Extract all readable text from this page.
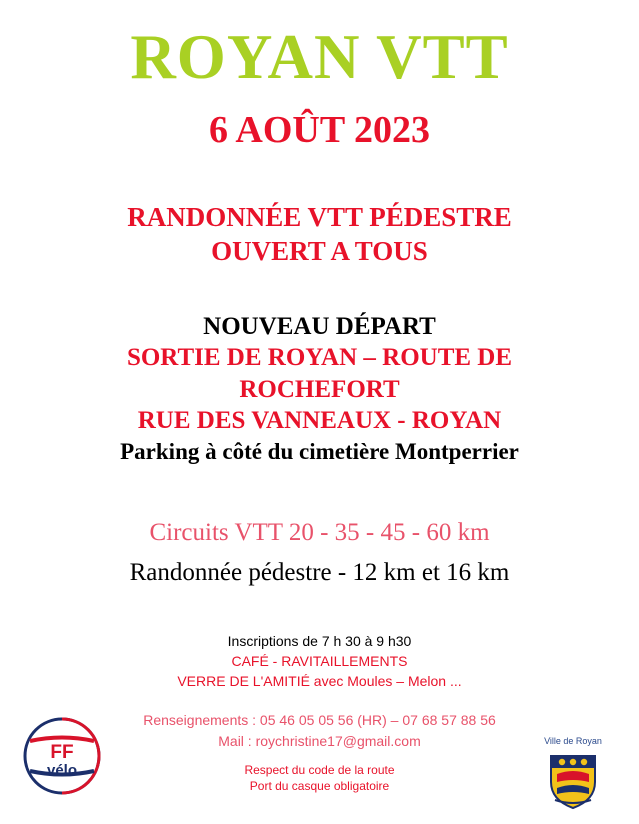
ROYAN VTT
6 AOÛT 2023
RANDONNÉE VTT PÉDESTRE
OUVERT A TOUS
NOUVEAU DÉPART
SORTIE DE ROYAN – ROUTE DE
ROCHEFORT
RUE DES VANNEAUX - ROYAN
Parking à côté du cimetière Montperrier
Circuits VTT 20 - 35 - 45 - 60 km
Randonnée pédestre - 12 km et 16 km
Inscriptions de 7 h 30 à 9 h30
CAFÉ - RAVITAILLEMENTS
VERRE DE L'AMITIÉ avec Moules – Melon ...
Renseignements : 05 46 05 05 56 (HR) – 07 68 57 88 56
Mail : roychristine17@gmail.com
Respect du code de la route
Port du casque obligatoire
FF
vélo
Ville de Royan
